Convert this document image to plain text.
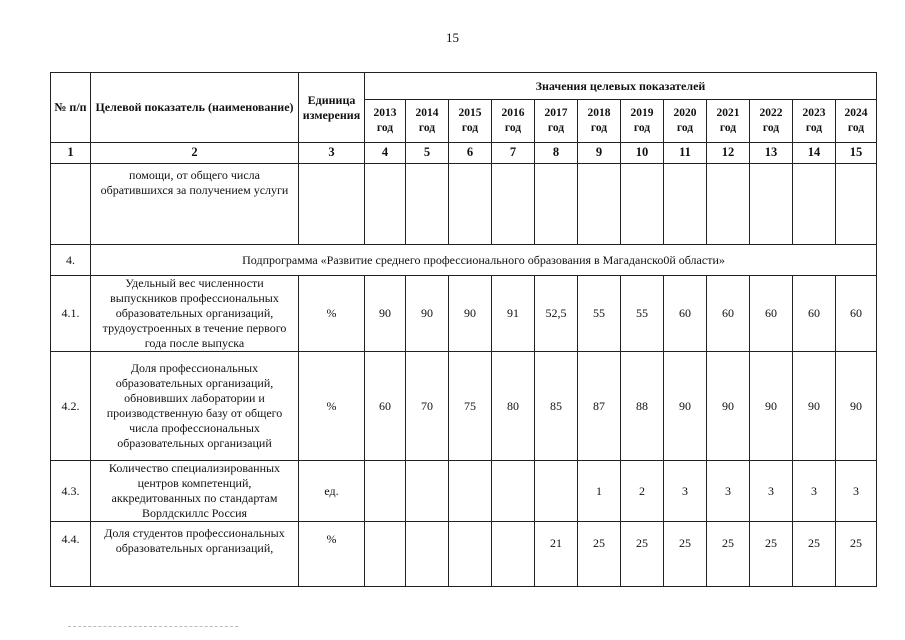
15
№ п/п	Целевой показатель (наименование)	Единица измерения	Значения целевых показателей											
			2013 год	2014 год	2015 год	2016 год	2017 год	2018 год	2019 год	2020 год	2021 год	2022 год	2023 год	2024 год
1	2	3	4	5	6	7	8	9	10	11	12	13	14	15
	помощи, от общего числа обратившихся за получением услуги													
4.	Подпрограмма «Развитие среднего профессионального образования в Магаданско0й области»													
4.1.	Удельный вес численности выпускников профессиональных образовательных организаций, трудоустроенных в течение первого года после выпуска	%	90	90	90	91	52,5	55	55	60	60	60	60	60
4.2.	Доля профессиональных образовательных организаций, обновивших лаборатории и производственную базу от общего числа профессиональных образовательных организаций	%	60	70	75	80	85	87	88	90	90	90	90	90
4.3.	Количество специализированных центров компетенций, аккредитованных по стандартам Ворлдскиллс Россия	ед.						1	2	3	3	3	3	3
4.4.	Доля студентов профессиональных образовательных организаций,	%					21	25	25	25	25	25	25	25
